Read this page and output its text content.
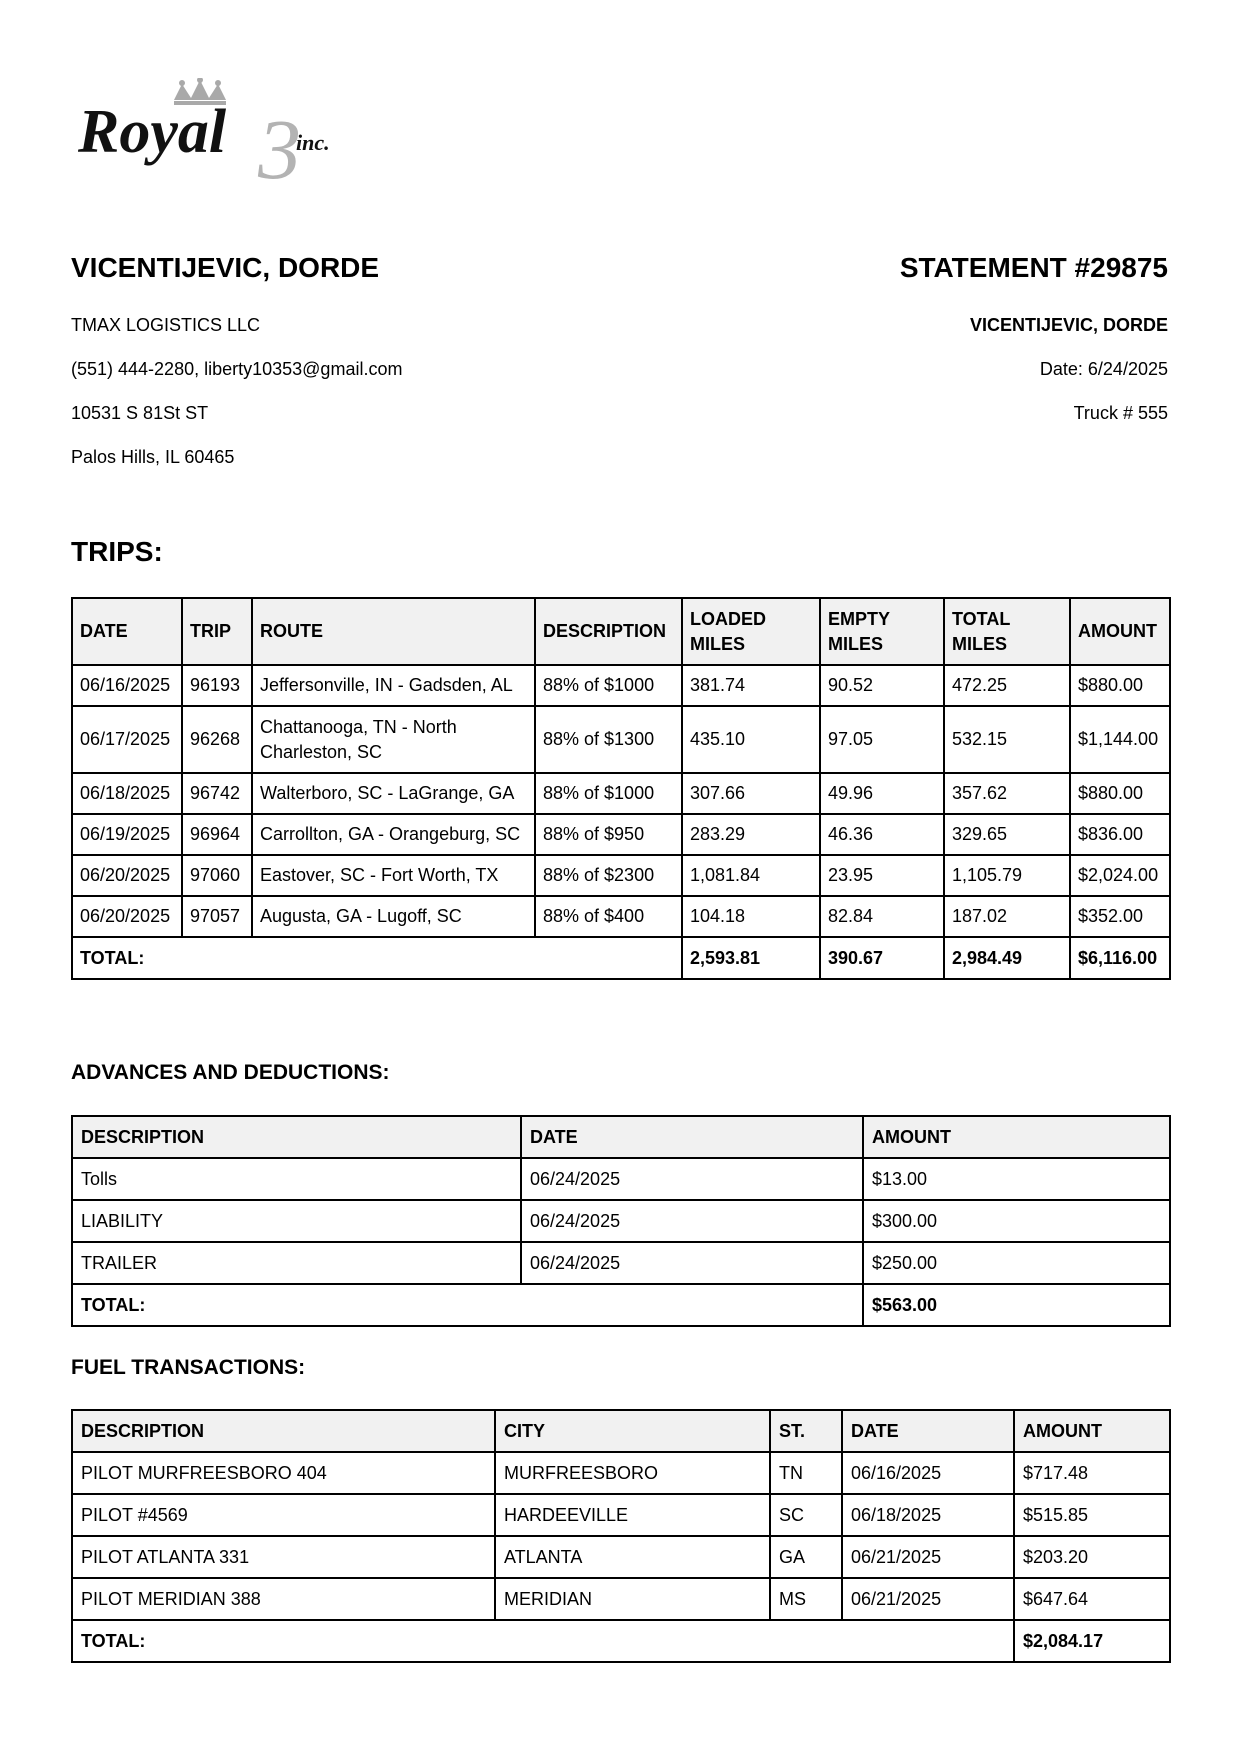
3
Royal	inc.
VICENTIJEVIC, DORDE
TMAX LOGISTICS LLC
(551) 444-2280, liberty10353@gmail.com
10531 S 81St ST
Palos Hills, IL 60465
STATEMENT #29875
VICENTIJEVIC, DORDE
Date: 6/24/2025
Truck # 555
TRIPS:
DATE	TRIP	ROUTE	DESCRIPTION	LOADED MILES	EMPTY MILES	TOTAL MILES	AMOUNT
06/16/2025	96193	Jeffersonville, IN - Gadsden, AL	88% of $1000	381.74	90.52	472.25	$880.00
06/17/2025	96268	Chattanooga, TN - North Charleston, SC	88% of $1300	435.10	97.05	532.15	$1,144.00
06/18/2025	96742	Walterboro, SC - LaGrange, GA	88% of $1000	307.66	49.96	357.62	$880.00
06/19/2025	96964	Carrollton, GA - Orangeburg, SC	88% of $950	283.29	46.36	329.65	$836.00
06/20/2025	97060	Eastover, SC - Fort Worth, TX	88% of $2300	1,081.84	23.95	1,105.79	$2,024.00
06/20/2025	97057	Augusta, GA - Lugoff, SC	88% of $400	104.18	82.84	187.02	$352.00
TOTAL:				2,593.81	390.67	2,984.49	$6,116.00
ADVANCES AND DEDUCTIONS:
DESCRIPTION	DATE	AMOUNT
Tolls	06/24/2025	$13.00
LIABILITY	06/24/2025	$300.00
TRAILER	06/24/2025	$250.00
TOTAL:		$563.00
FUEL TRANSACTIONS:
DESCRIPTION	CITY	ST.	DATE	AMOUNT
PILOT MURFREESBORO 404	MURFREESBORO	TN	06/16/2025	$717.48
PILOT #4569	HARDEEVILLE	SC	06/18/2025	$515.85
PILOT ATLANTA 331	ATLANTA	GA	06/21/2025	$203.20
PILOT MERIDIAN 388	MERIDIAN	MS	06/21/2025	$647.64
TOTAL:				$2,084.17
